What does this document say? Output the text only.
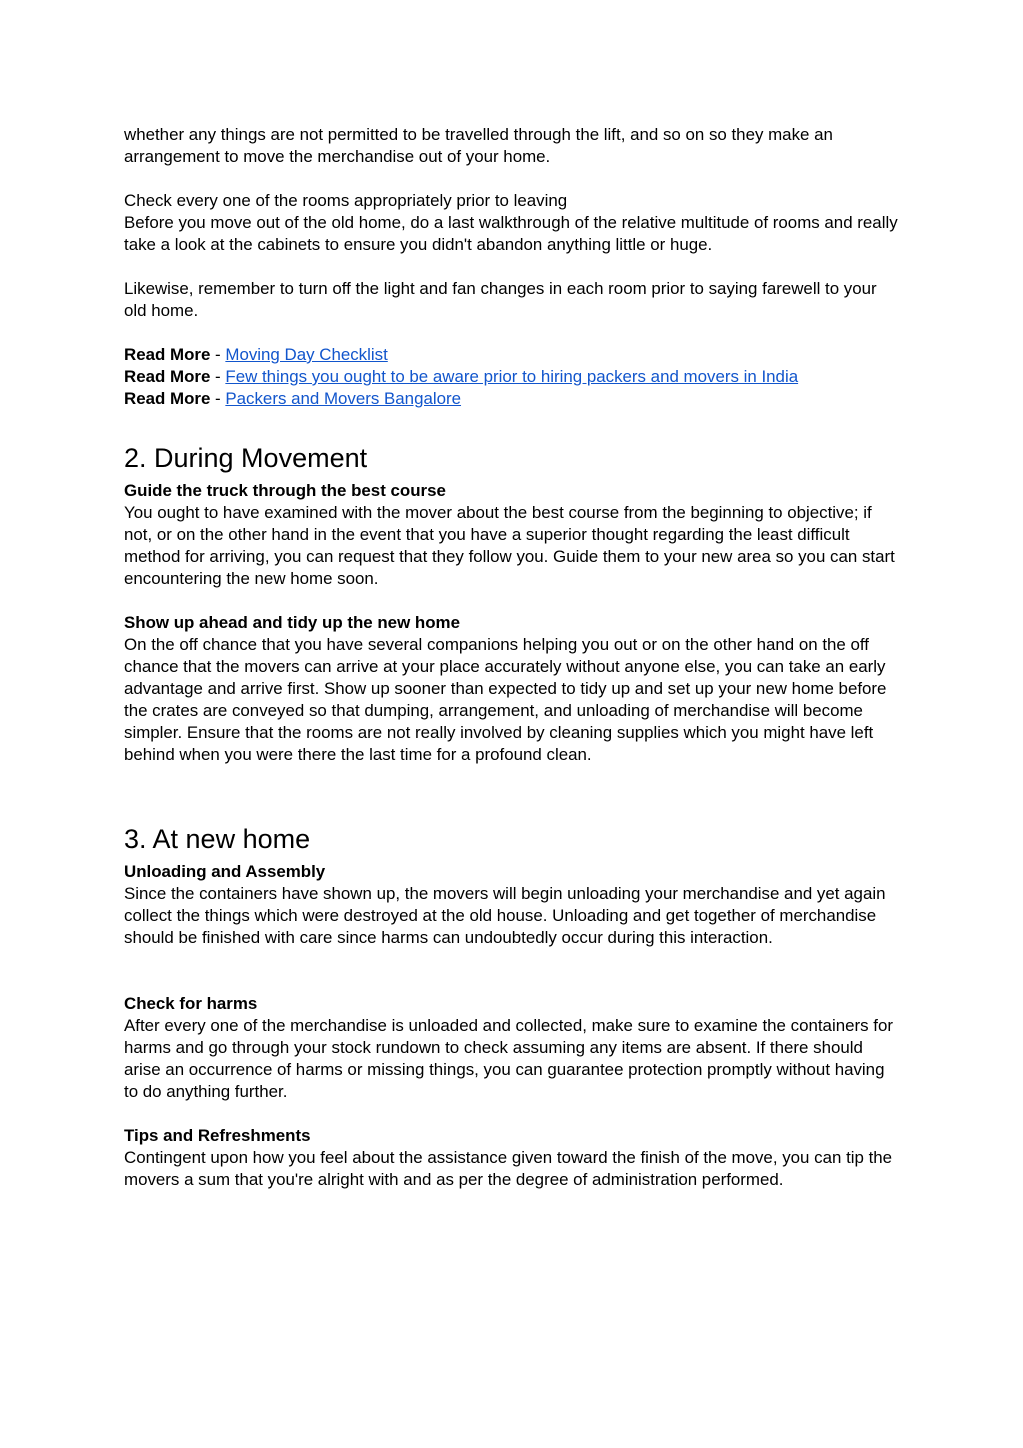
whether any things are not permitted to be travelled through the lift, and so on so they make an arrangement to move the merchandise out of your home.

Check every one of the rooms appropriately prior to leaving

Before you move out of the old home, do a last walkthrough of the relative multitude of rooms and really take a look at the cabinets to ensure you didn't abandon anything little or huge.

Likewise, remember to turn off the light and fan changes in each room prior to saying farewell to your old home.

Read More - Moving Day Checklist

Read More - Few things you ought to be aware prior to hiring packers and movers in India

Read More - Packers and Movers Bangalore

2. During Movement

Guide the truck through the best course

You ought to have examined with the mover about the best course from the beginning to objective; if not, or on the other hand in the event that you have a superior thought regarding the least difficult method for arriving, you can request that they follow you. Guide them to your new area so you can start encountering the new home soon.

Show up ahead and tidy up the new home

On the off chance that you have several companions helping you out or on the other hand on the off chance that the movers can arrive at your place accurately without anyone else, you can take an early advantage and arrive first. Show up sooner than expected to tidy up and set up your new home before the crates are conveyed so that dumping, arrangement, and unloading of merchandise will become simpler. Ensure that the rooms are not really involved by cleaning supplies which you might have left behind when you were there the last time for a profound clean.

3. At new home

Unloading and Assembly

Since the containers have shown up, the movers will begin unloading your merchandise and yet again collect the things which were destroyed at the old house. Unloading and get together of merchandise should be finished with care since harms can undoubtedly occur during this interaction.

Check for harms

After every one of the merchandise is unloaded and collected, make sure to examine the containers for harms and go through your stock rundown to check assuming any items are absent. If there should arise an occurrence of harms or missing things, you can guarantee protection promptly without having to do anything further.

Tips and Refreshments

Contingent upon how you feel about the assistance given toward the finish of the move, you can tip the movers a sum that you're alright with and as per the degree of administration performed.
